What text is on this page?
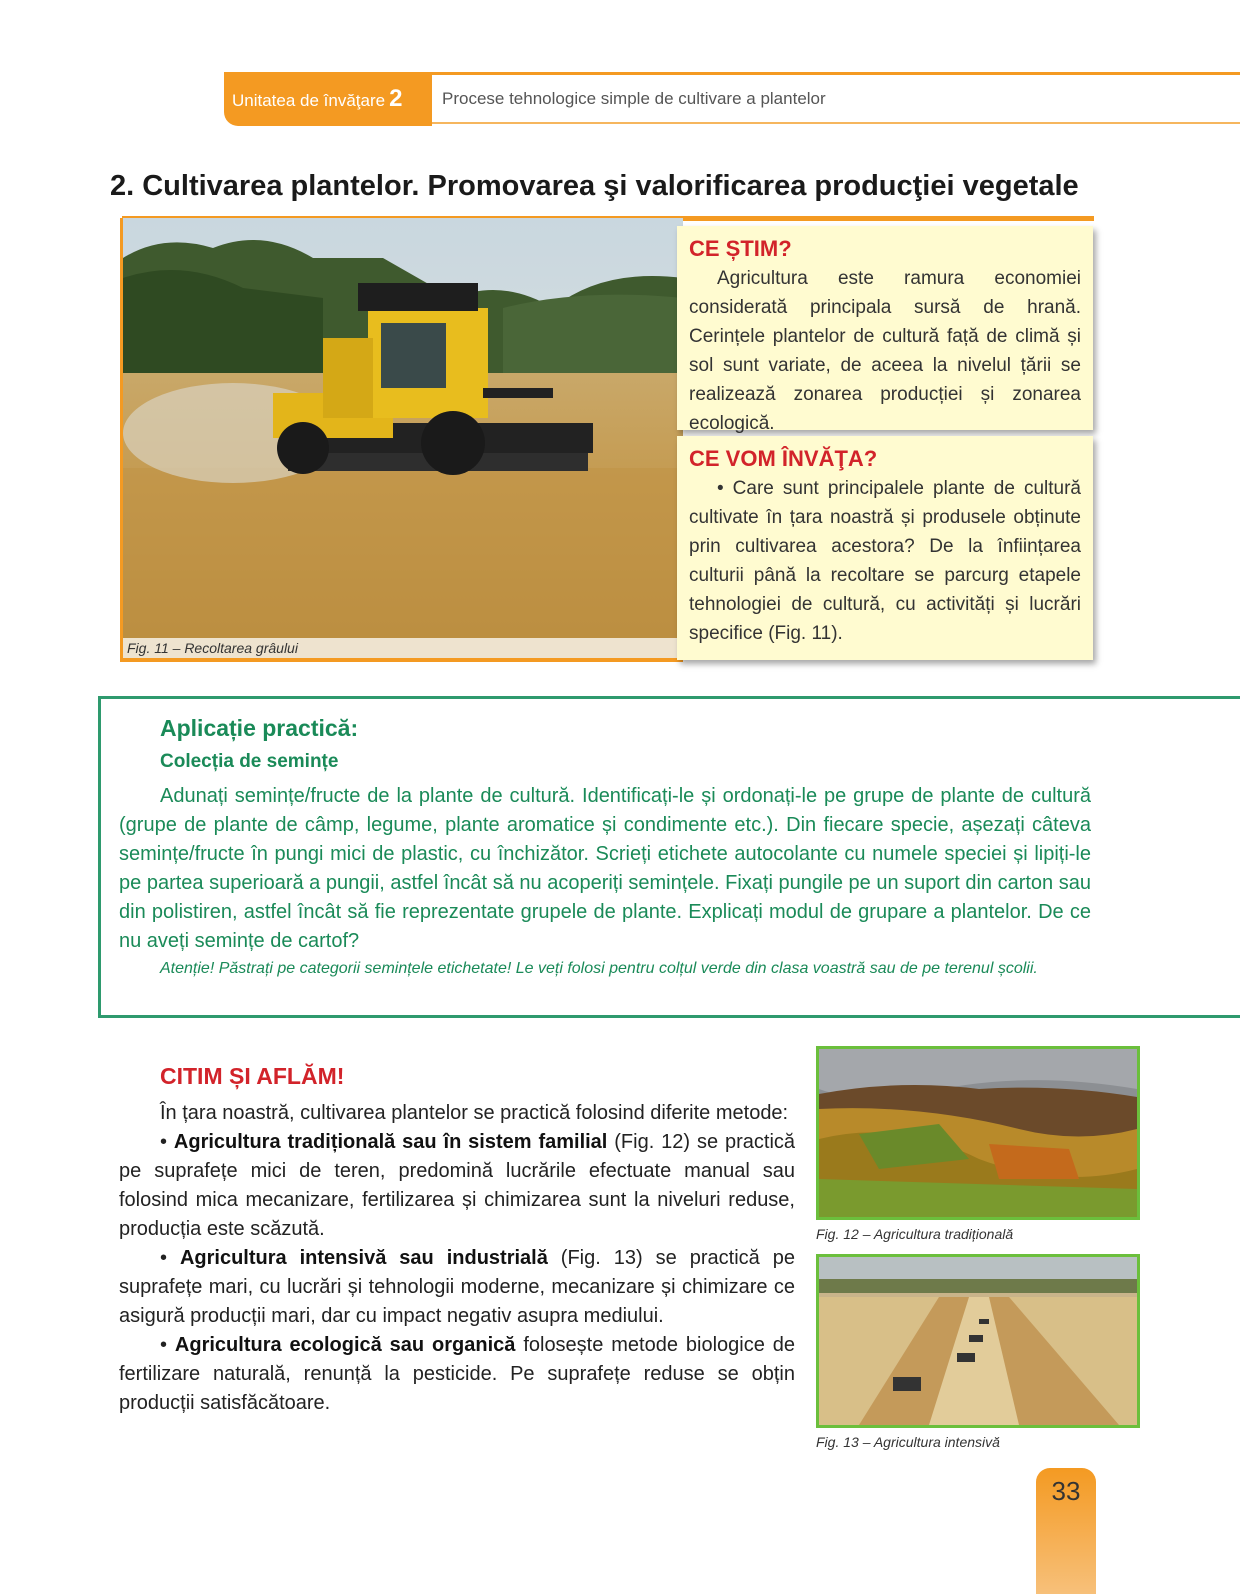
Unitatea de învăţare 2	Procese tehnologice simple de cultivare a plantelor
2. Cultivarea plantelor. Promovarea şi valorificarea producţiei vegetale
Fig. 11 – Recoltarea grâului
CE ȘTIM?
Agricultura este ramura economiei considerată principala sursă de hrană. Cerințele plantelor de cultură față de climă și sol sunt variate, de aceea la nivelul țării se realizează zonarea producției și zonarea ecologică.
CE VOM ÎNVĂŢA?
• Care sunt principalele plante de cultură cultivate în țara noastră și produsele obținute prin cultivarea acestora? De la înființarea culturii până la recoltare se parcurg etapele tehnologiei de cultură, cu activități și lucrări specifice (Fig. 11).
Aplicație practică:
Colecția de semințe
Adunați semințe/fructe de la plante de cultură. Identificați-le și ordonați-le pe grupe de plante de cultură (grupe de plante de câmp, legume, plante aromatice și condimente etc.). Din fiecare specie, așezați câteva semințe/fructe în pungi mici de plastic, cu închizător. Scrieți etichete autocolante cu numele speciei și lipiți-le pe partea superioară a pungii, astfel încât să nu acoperiți semințele. Fixați pungile pe un suport din carton sau din polistiren, astfel încât să fie reprezentate grupele de plante. Explicați modul de grupare a plantelor. De ce nu aveți semințe de cartof?
Atenție! Păstrați pe categorii semințele etichetate! Le veți folosi pentru colțul verde din clasa voastră sau de pe terenul școlii.
CITIM ȘI AFLĂM!

În țara noastră, cultivarea plantelor se practică folosind diferite metode:

• Agricultura tradițională sau în sistem familial (Fig. 12) se practică pe suprafețe mici de teren, predomină lucrările efectuate manual sau folosind mica mecanizare, fertilizarea și chimizarea sunt la niveluri reduse, producția este scăzută.

• Agricultura intensivă sau industrială (Fig. 13) se practică pe suprafețe mari, cu lucrări și tehnologii moderne, mecanizare și chimizare ce asigură producții mari, dar cu impact negativ asupra mediului.

• Agricultura ecologică sau organică folosește metode biologice de fertilizare naturală, renunță la pesticide. Pe suprafețe reduse se obțin producții satisfăcătoare.

Fig. 12 – Agricultura tradițională
Fig. 13 – Agricultura intensivă
33
